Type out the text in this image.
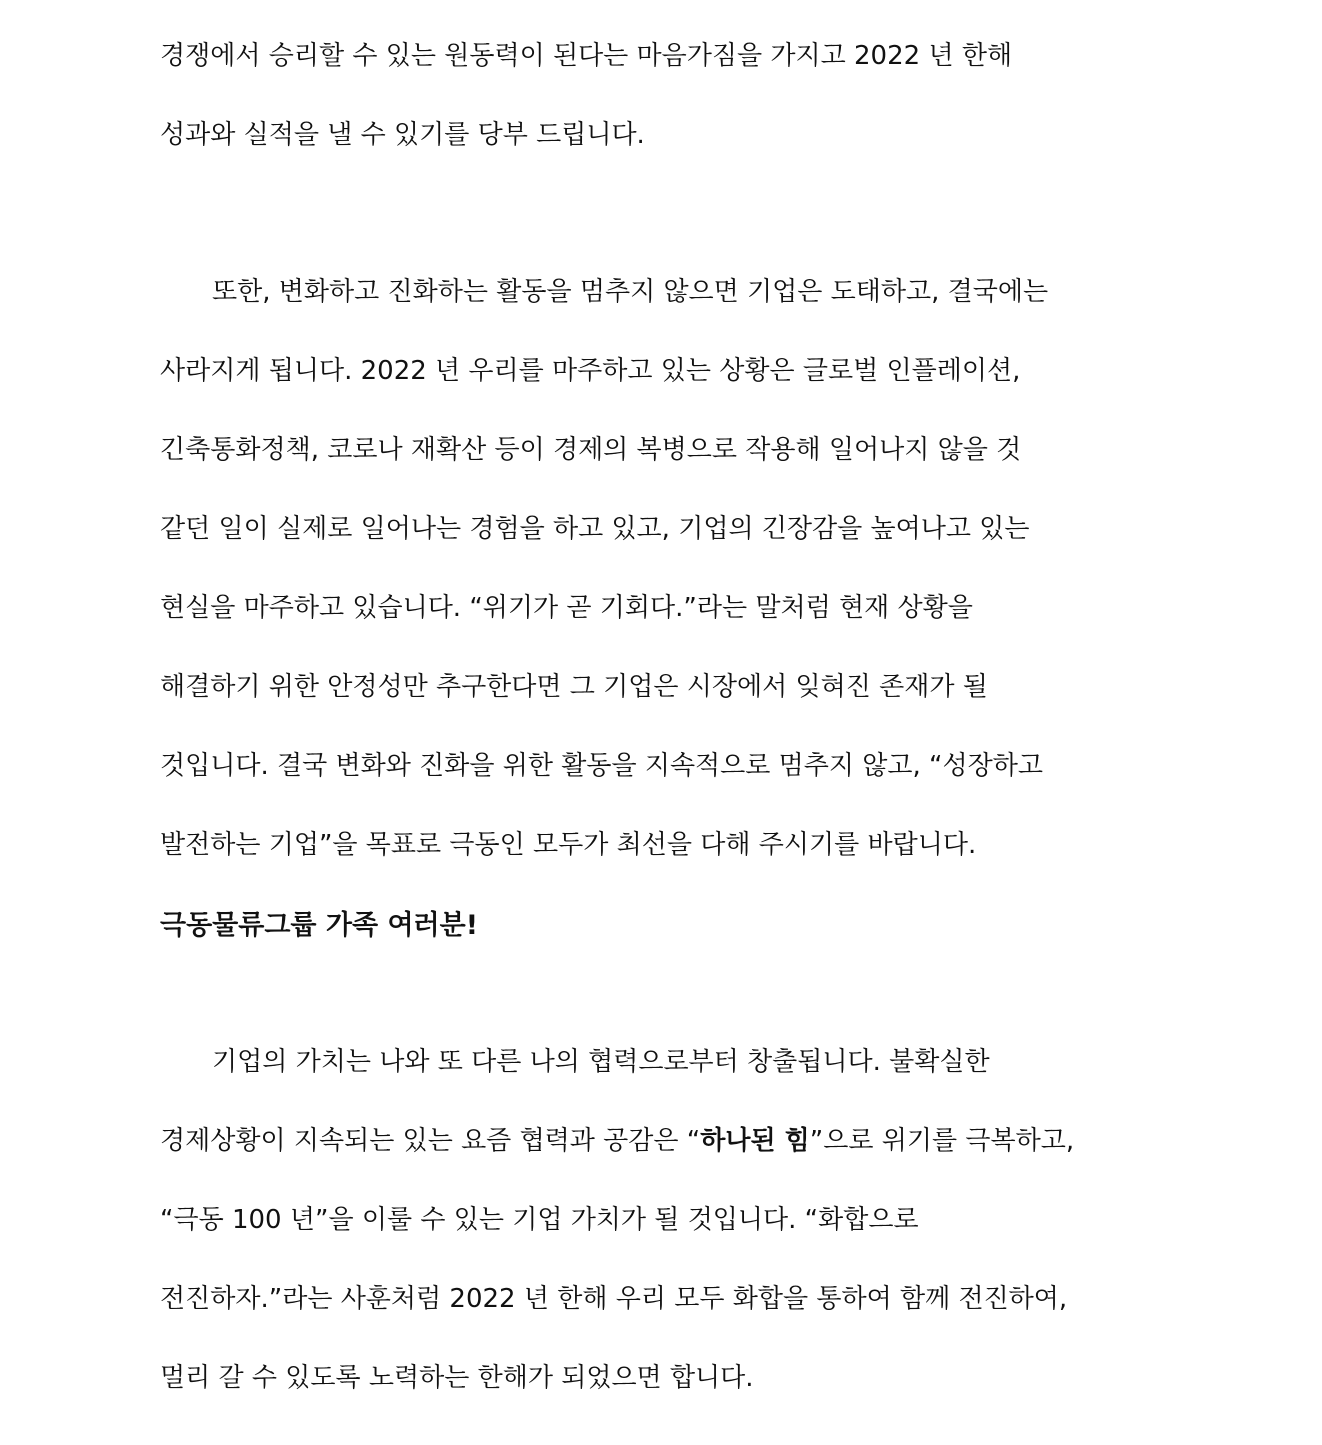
경쟁에서 승리할 수 있는 원동력이 된다는 마음가짐을 가지고 2022 년 한해
성과와 실적을 낼 수 있기를 당부 드립니다.
또한, 변화하고 진화하는 활동을 멈추지 않으면 기업은 도태하고, 결국에는
사라지게 됩니다. 2022 년 우리를 마주하고 있는 상황은 글로벌 인플레이션,
긴축통화정책, 코로나 재확산 등이 경제의 복병으로 작용해 일어나지 않을 것
같던 일이 실제로 일어나는 경험을 하고 있고, 기업의 긴장감을 높여나고 있는
현실을 마주하고 있습니다. “위기가 곧 기회다.”라는 말처럼 현재 상황을
해결하기 위한 안정성만 추구한다면 그 기업은 시장에서 잊혀진 존재가 될
것입니다. 결국 변화와 진화을 위한 활동을 지속적으로 멈추지 않고, “성장하고
발전하는 기업”을 목표로 극동인 모두가 최선을 다해 주시기를 바랍니다.
극동물류그룹 가족 여러분!
기업의 가치는 나와 또 다른 나의 협력으로부터 창출됩니다. 불확실한
경제상황이 지속되는 있는 요즘 협력과 공감은 “하나된 힘”으로 위기를 극복하고,
“극동 100 년”을 이룰 수 있는 기업 가치가 될 것입니다. “화합으로
전진하자.”라는 사훈처럼 2022 년 한해 우리 모두 화합을 통하여 함께 전진하여,
멀리 갈 수 있도록 노력하는 한해가 되었으면 합니다.
